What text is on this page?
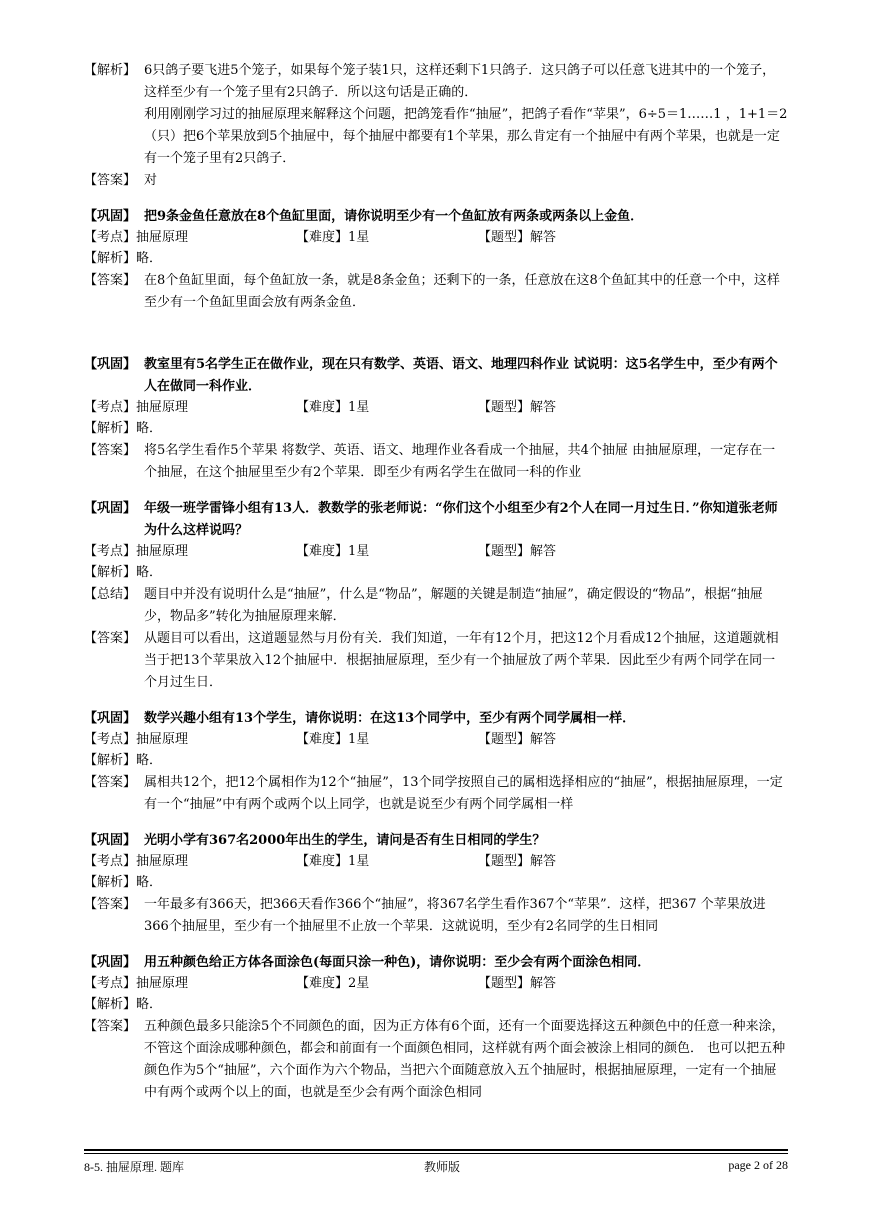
【解析】 6只鸽子要飞进5个笼子，如果每个笼子装1只，这样还剩下1只鸽子．这只鸽子可以任意飞进其中的一个笼子，这样至少有一个笼子里有2只鸽子．所以这句话是正确的．

利用刚刚学习过的抽屉原理来解释这个问题，把鸽笼看作“抽屉”，把鸽子看作“苹果”，6÷5＝1……1 ，1+1＝2（只）把6个苹果放到5个抽屉中，每个抽屉中都要有1个苹果，那么肯定有一个抽屉中有两个苹果，也就是一定有一个笼子里有2只鸽子．

【答案】 对

【巩固】 把9条金鱼任意放在8个鱼缸里面，请你说明至少有一个鱼缸放有两条或两条以上金鱼．

【考点】抽屉原理	【难度】1星	【题型】解答
【解析】略．
【答案】 在8个鱼缸里面，每个鱼缸放一条，就是8条金鱼；还剩下的一条，任意放在这8个鱼缸其中的任意一个中，这样至少有一个鱼缸里面会放有两条金鱼．

【巩固】 教室里有5名学生正在做作业，现在只有数学、英语、语文、地理四科作业 试说明：这5名学生中，至少有两个人在做同一科作业．

【考点】抽屉原理	【难度】1星	【题型】解答
【解析】略．
【答案】 将5名学生看作5个苹果 将数学、英语、语文、地理作业各看成一个抽屉，共4个抽屉 由抽屉原理，一定存在一个抽屉，在这个抽屉里至少有2个苹果．即至少有两名学生在做同一科的作业

【巩固】 年级一班学雷锋小组有13人．教数学的张老师说：“你们这个小组至少有2个人在同一月过生日．”你知道张老师为什么这样说吗？

【考点】抽屉原理	【难度】1星	【题型】解答
【解析】略．
【总结】 题目中并没有说明什么是“抽屉”，什么是“物品”，解题的关键是制造“抽屉”，确定假设的“物品”，根据“抽屉少，物品多”转化为抽屉原理来解．

【答案】 从题目可以看出，这道题显然与月份有关．我们知道，一年有12个月，把这12个月看成12个抽屉，这道题就相当于把13个苹果放入12个抽屉中．根据抽屉原理，至少有一个抽屉放了两个苹果．因此至少有两个同学在同一个月过生日．

【巩固】 数学兴趣小组有13个学生，请你说明：在这13个同学中，至少有两个同学属相一样．

【考点】抽屉原理	【难度】1星	【题型】解答
【解析】略．
【答案】 属相共12个，把12个属相作为12个“抽屉”，13个同学按照自己的属相选择相应的“抽屉”，根据抽屉原理，一定有一个“抽屉”中有两个或两个以上同学，也就是说至少有两个同学属相一样

【巩固】 光明小学有367名2000年出生的学生，请问是否有生日相同的学生？

【考点】抽屉原理	【难度】1星	【题型】解答
【解析】略．
【答案】 一年最多有366天，把366天看作366个“抽屉”，将367名学生看作367个“苹果”．这样，把367 个苹果放进366个抽屉里，至少有一个抽屉里不止放一个苹果．这就说明，至少有2名同学的生日相同

【巩固】 用五种颜色给正方体各面涂色(每面只涂一种色)，请你说明：至少会有两个面涂色相同．

【考点】抽屉原理	【难度】2星	【题型】解答
【解析】略．
【答案】 五种颜色最多只能涂5个不同颜色的面，因为正方体有6个面，还有一个面要选择这五种颜色中的任意一种来涂，不管这个面涂成哪种颜色，都会和前面有一个面颜色相同，这样就有两个面会被涂上相同的颜色． 也可以把五种颜色作为5个“抽屉”，六个面作为六个物品，当把六个面随意放入五个抽屉时，根据抽屉原理，一定有一个抽屉中有两个或两个以上的面，也就是至少会有两个面涂色相同

8-5. 抽屉原理. 题库	教师版	page 2 of 28
